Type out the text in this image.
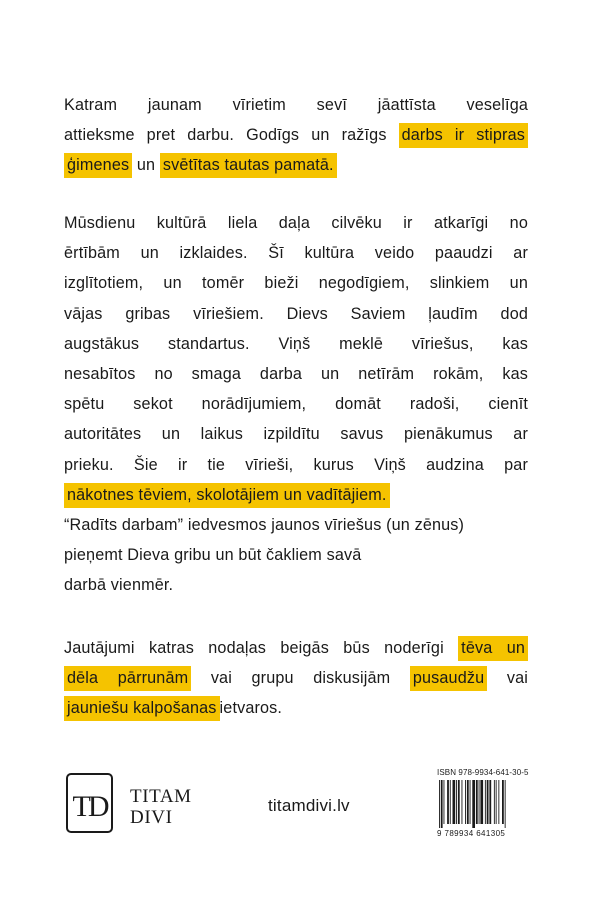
Katram jaunam vīrietim sevī jāattīsta veselīga
attieksme pret darbu. Godīgs un ražīgs darbs ir stipras
ģimenes un svētītas tautas pamatā.
Mūsdienu kultūrā liela daļa cilvēku ir atkarīgi no
ērtībām un izklaides. Šī kultūra veido paaudzi ar
izglītotiem, un tomēr bieži negodīgiem, slinkiem un
vājas gribas vīriešiem. Dievs Saviem ļaudīm dod
augstākus standartus. Viņš meklē vīriešus, kas
nesabītos no smaga darba un netīrām rokām, kas
spētu sekot norādījumiem, domāt radoši, cienīt
autoritātes un laikus izpildītu savus pienākumus ar
prieku. Šie ir tie vīrieši, kurus Viņš audzina par
nākotnes tēviem, skolotājiem un vadītājiem.
“Radīts darbam” iedvesmos jaunos vīriešus (un zēnus)
pieņemt Dieva gribu un būt čakliem savā
darbā vienmēr.
Jautājumi katras nodaļas beigās būs noderīgi tēva un
dēla pārrunām vai grupu diskusijām pusaudžu vai
jauniešu kalpošanas ietvaros.
TD TITAM
DIVI
titamdivi.lv
ISBN 978-9934-641-30-5
9 789934 641305
